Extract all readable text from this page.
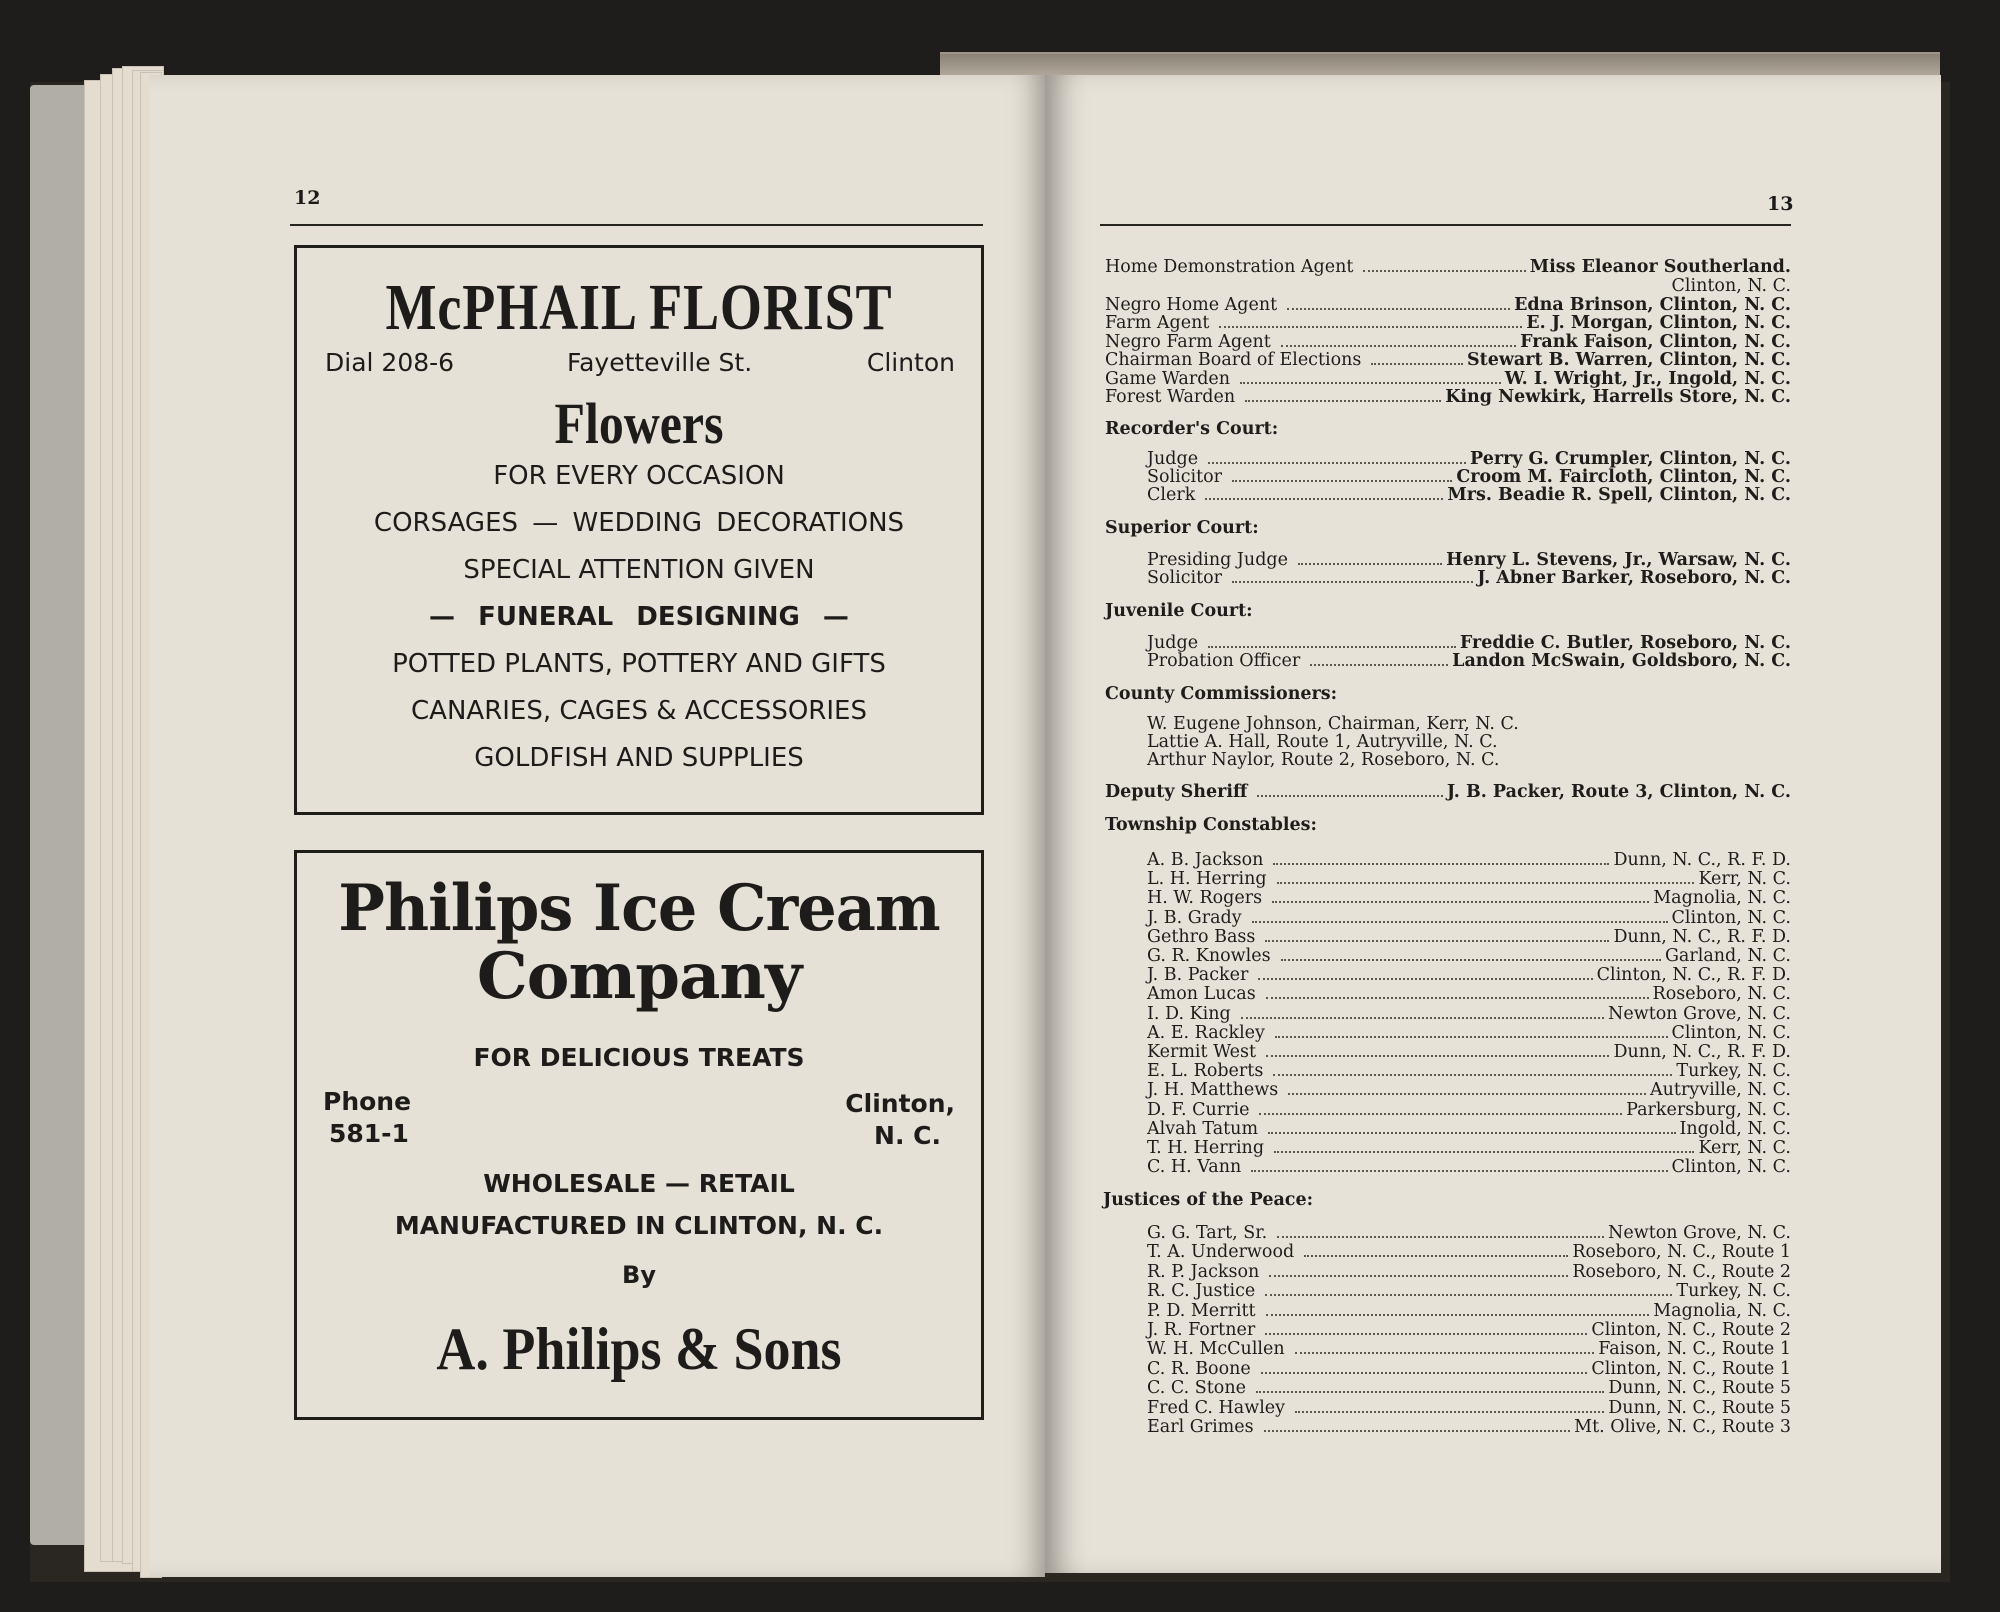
12
McPHAIL FLORIST
Dial 208-6	Fayetteville St.	Clinton
Flowers
FOR EVERY OCCASION
CORSAGES — WEDDING DECORATIONS
SPECIAL ATTENTION GIVEN
— FUNERAL DESIGNING —
POTTED PLANTS, POTTERY AND GIFTS
CANARIES, CAGES & ACCESSORIES
GOLDFISH AND SUPPLIES
Philips Ice Cream
Company
FOR DELICIOUS TREATS
Phone
581-1
Clinton,
N. C.
WHOLESALE — RETAIL
MANUFACTURED IN CLINTON, N. C.
By
A. Philips & Sons
13
Home Demonstration Agent	Miss Eleanor Southerland.
Clinton, N. C.
Negro Home Agent	Edna Brinson, Clinton, N. C.
Farm Agent	E. J. Morgan, Clinton, N. C.
Negro Farm Agent	Frank Faison, Clinton, N. C.
Chairman Board of Elections	Stewart B. Warren, Clinton, N. C.
Game Warden	W. I. Wright, Jr., Ingold, N. C.
Forest Warden	King Newkirk, Harrells Store, N. C.
Recorder's Court:
Judge	Perry G. Crumpler, Clinton, N. C.
Solicitor	Croom M. Faircloth, Clinton, N. C.
Clerk	Mrs. Beadie R. Spell, Clinton, N. C.
Superior Court:
Presiding Judge	Henry L. Stevens, Jr., Warsaw, N. C.
Solicitor	J. Abner Barker, Roseboro, N. C.
Juvenile Court:
Judge	Freddie C. Butler, Roseboro, N. C.
Probation Officer	Landon McSwain, Goldsboro, N. C.
County Commissioners:
W. Eugene Johnson, Chairman, Kerr, N. C.
Lattie A. Hall, Route 1, Autryville, N. C.
Arthur Naylor, Route 2, Roseboro, N. C.
Deputy Sheriff	J. B. Packer, Route 3, Clinton, N. C.
Township Constables:
A. B. Jackson	Dunn, N. C., R. F. D.
L. H. Herring	Kerr, N. C.
H. W. Rogers	Magnolia, N. C.
J. B. Grady	Clinton, N. C.
Gethro Bass	Dunn, N. C., R. F. D.
G. R. Knowles	Garland, N. C.
J. B. Packer	Clinton, N. C., R. F. D.
Amon Lucas	Roseboro, N. C.
I. D. King	Newton Grove, N. C.
A. E. Rackley	Clinton, N. C.
Kermit West	Dunn, N. C., R. F. D.
E. L. Roberts	Turkey, N. C.
J. H. Matthews	Autryville, N. C.
D. F. Currie	Parkersburg, N. C.
Alvah Tatum	Ingold, N. C.
T. H. Herring	Kerr, N. C.
C. H. Vann	Clinton, N. C.
Justices of the Peace:
G. G. Tart, Sr.	Newton Grove, N. C.
T. A. Underwood	Roseboro, N. C., Route 1
R. P. Jackson	Roseboro, N. C., Route 2
R. C. Justice	Turkey, N. C.
P. D. Merritt	Magnolia, N. C.
J. R. Fortner	Clinton, N. C., Route 2
W. H. McCullen	Faison, N. C., Route 1
C. R. Boone	Clinton, N. C., Route 1
C. C. Stone	Dunn, N. C., Route 5
Fred C. Hawley	Dunn, N. C., Route 5
Earl Grimes	Mt. Olive, N. C., Route 3
